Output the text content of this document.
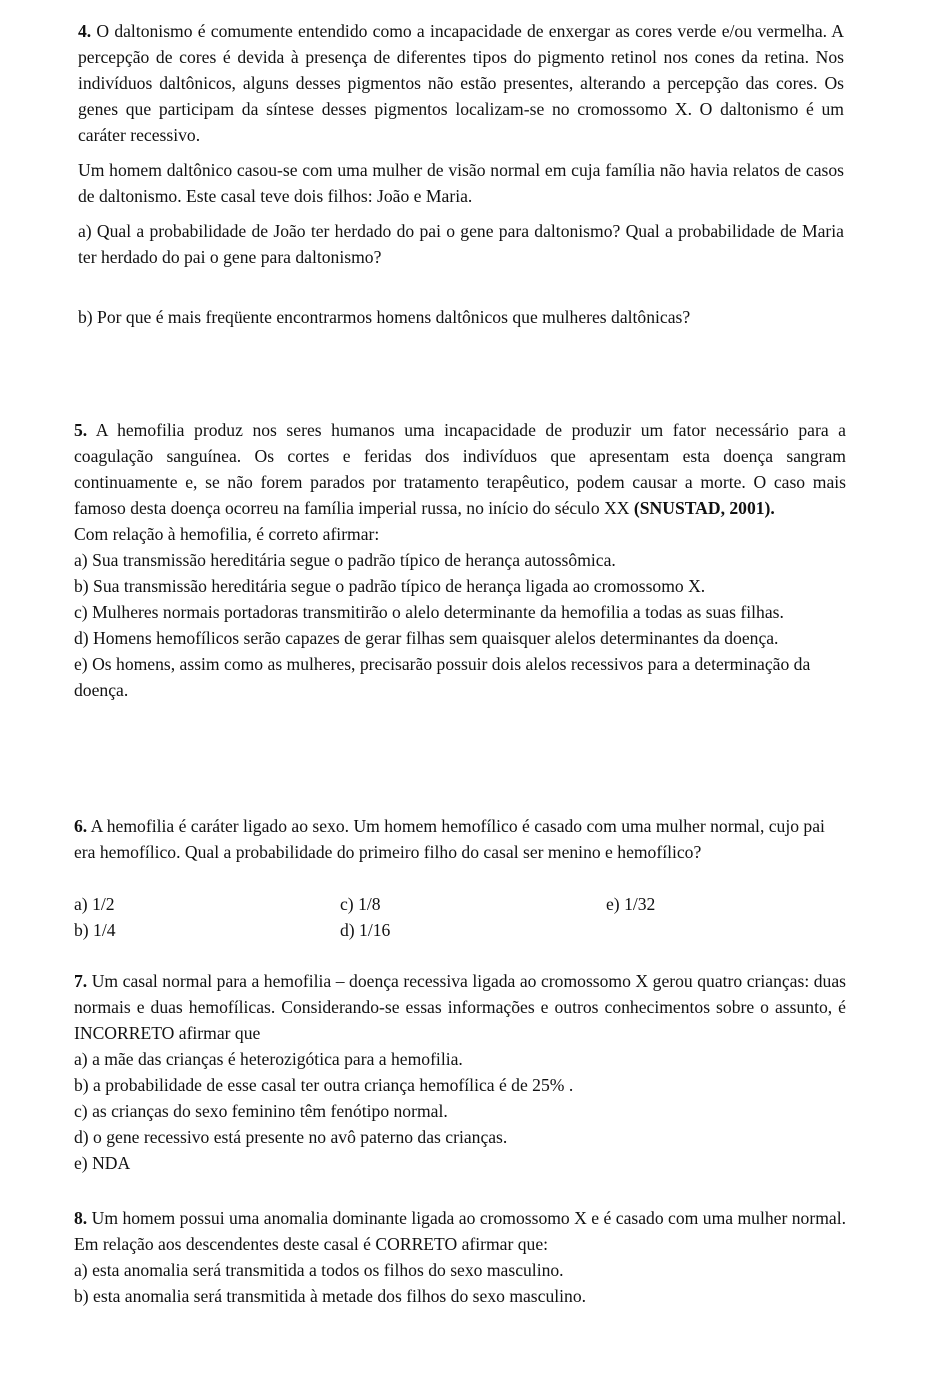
4. O daltonismo é comumente entendido como a incapacidade de enxergar as cores verde e/ou vermelha. A percepção de cores é devida à presença de diferentes tipos do pigmento retinol nos cones da retina. Nos indivíduos daltônicos, alguns desses pigmentos não estão presentes, alterando a percepção das cores. Os genes que participam da síntese desses pigmentos localizam-se no cromossomo X. O daltonismo é um caráter recessivo.

Um homem daltônico casou-se com uma mulher de visão normal em cuja família não havia relatos de casos de daltonismo. Este casal teve dois filhos: João e Maria.

a) Qual a probabilidade de João ter herdado do pai o gene para daltonismo? Qual a probabilidade de Maria ter herdado do pai o gene para daltonismo?

b) Por que é mais freqüente encontrarmos homens daltônicos que mulheres daltônicas?

5. A hemofilia produz nos seres humanos uma incapacidade de produzir um fator necessário para a coagulação sanguínea. Os cortes e feridas dos indivíduos que apresentam esta doença sangram continuamente e, se não forem parados por tratamento terapêutico, podem causar a morte. O caso mais famoso desta doença ocorreu na família imperial russa, no início do século XX (SNUSTAD, 2001).

Com relação à hemofilia, é correto afirmar:

a) Sua transmissão hereditária segue o padrão típico de herança autossômica.

b) Sua transmissão hereditária segue o padrão típico de herança ligada ao cromossomo X.

c) Mulheres normais portadoras transmitirão o alelo determinante da hemofilia a todas as suas filhas.

d) Homens hemofílicos serão capazes de gerar filhas sem quaisquer alelos determinantes da doença.

e) Os homens, assim como as mulheres, precisarão possuir dois alelos recessivos para a determinação da doença.

6. A hemofilia é caráter ligado ao sexo. Um homem hemofílico é casado com uma mulher normal, cujo pai era hemofílico. Qual a probabilidade do primeiro filho do casal ser menino e hemofílico?

a) 1/2
b) 1/4
c) 1/8
d) 1/16
e) 1/32

7. Um casal normal para a hemofilia – doença recessiva ligada ao cromossomo X gerou quatro crianças: duas normais e duas hemofílicas. Considerando-se essas informações e outros conhecimentos sobre o assunto, é INCORRETO afirmar que

a) a mãe das crianças é heterozigótica para a hemofilia.

b) a probabilidade de esse casal ter outra criança hemofílica é de 25% .

c) as crianças do sexo feminino têm fenótipo normal.

d) o gene recessivo está presente no avô paterno das crianças.

e) NDA

8. Um homem possui uma anomalia dominante ligada ao cromossomo X e é casado com uma mulher normal. Em relação aos descendentes deste casal é CORRETO afirmar que:

a) esta anomalia será transmitida a todos os filhos do sexo masculino.

b) esta anomalia será transmitida à metade dos filhos do sexo masculino.
